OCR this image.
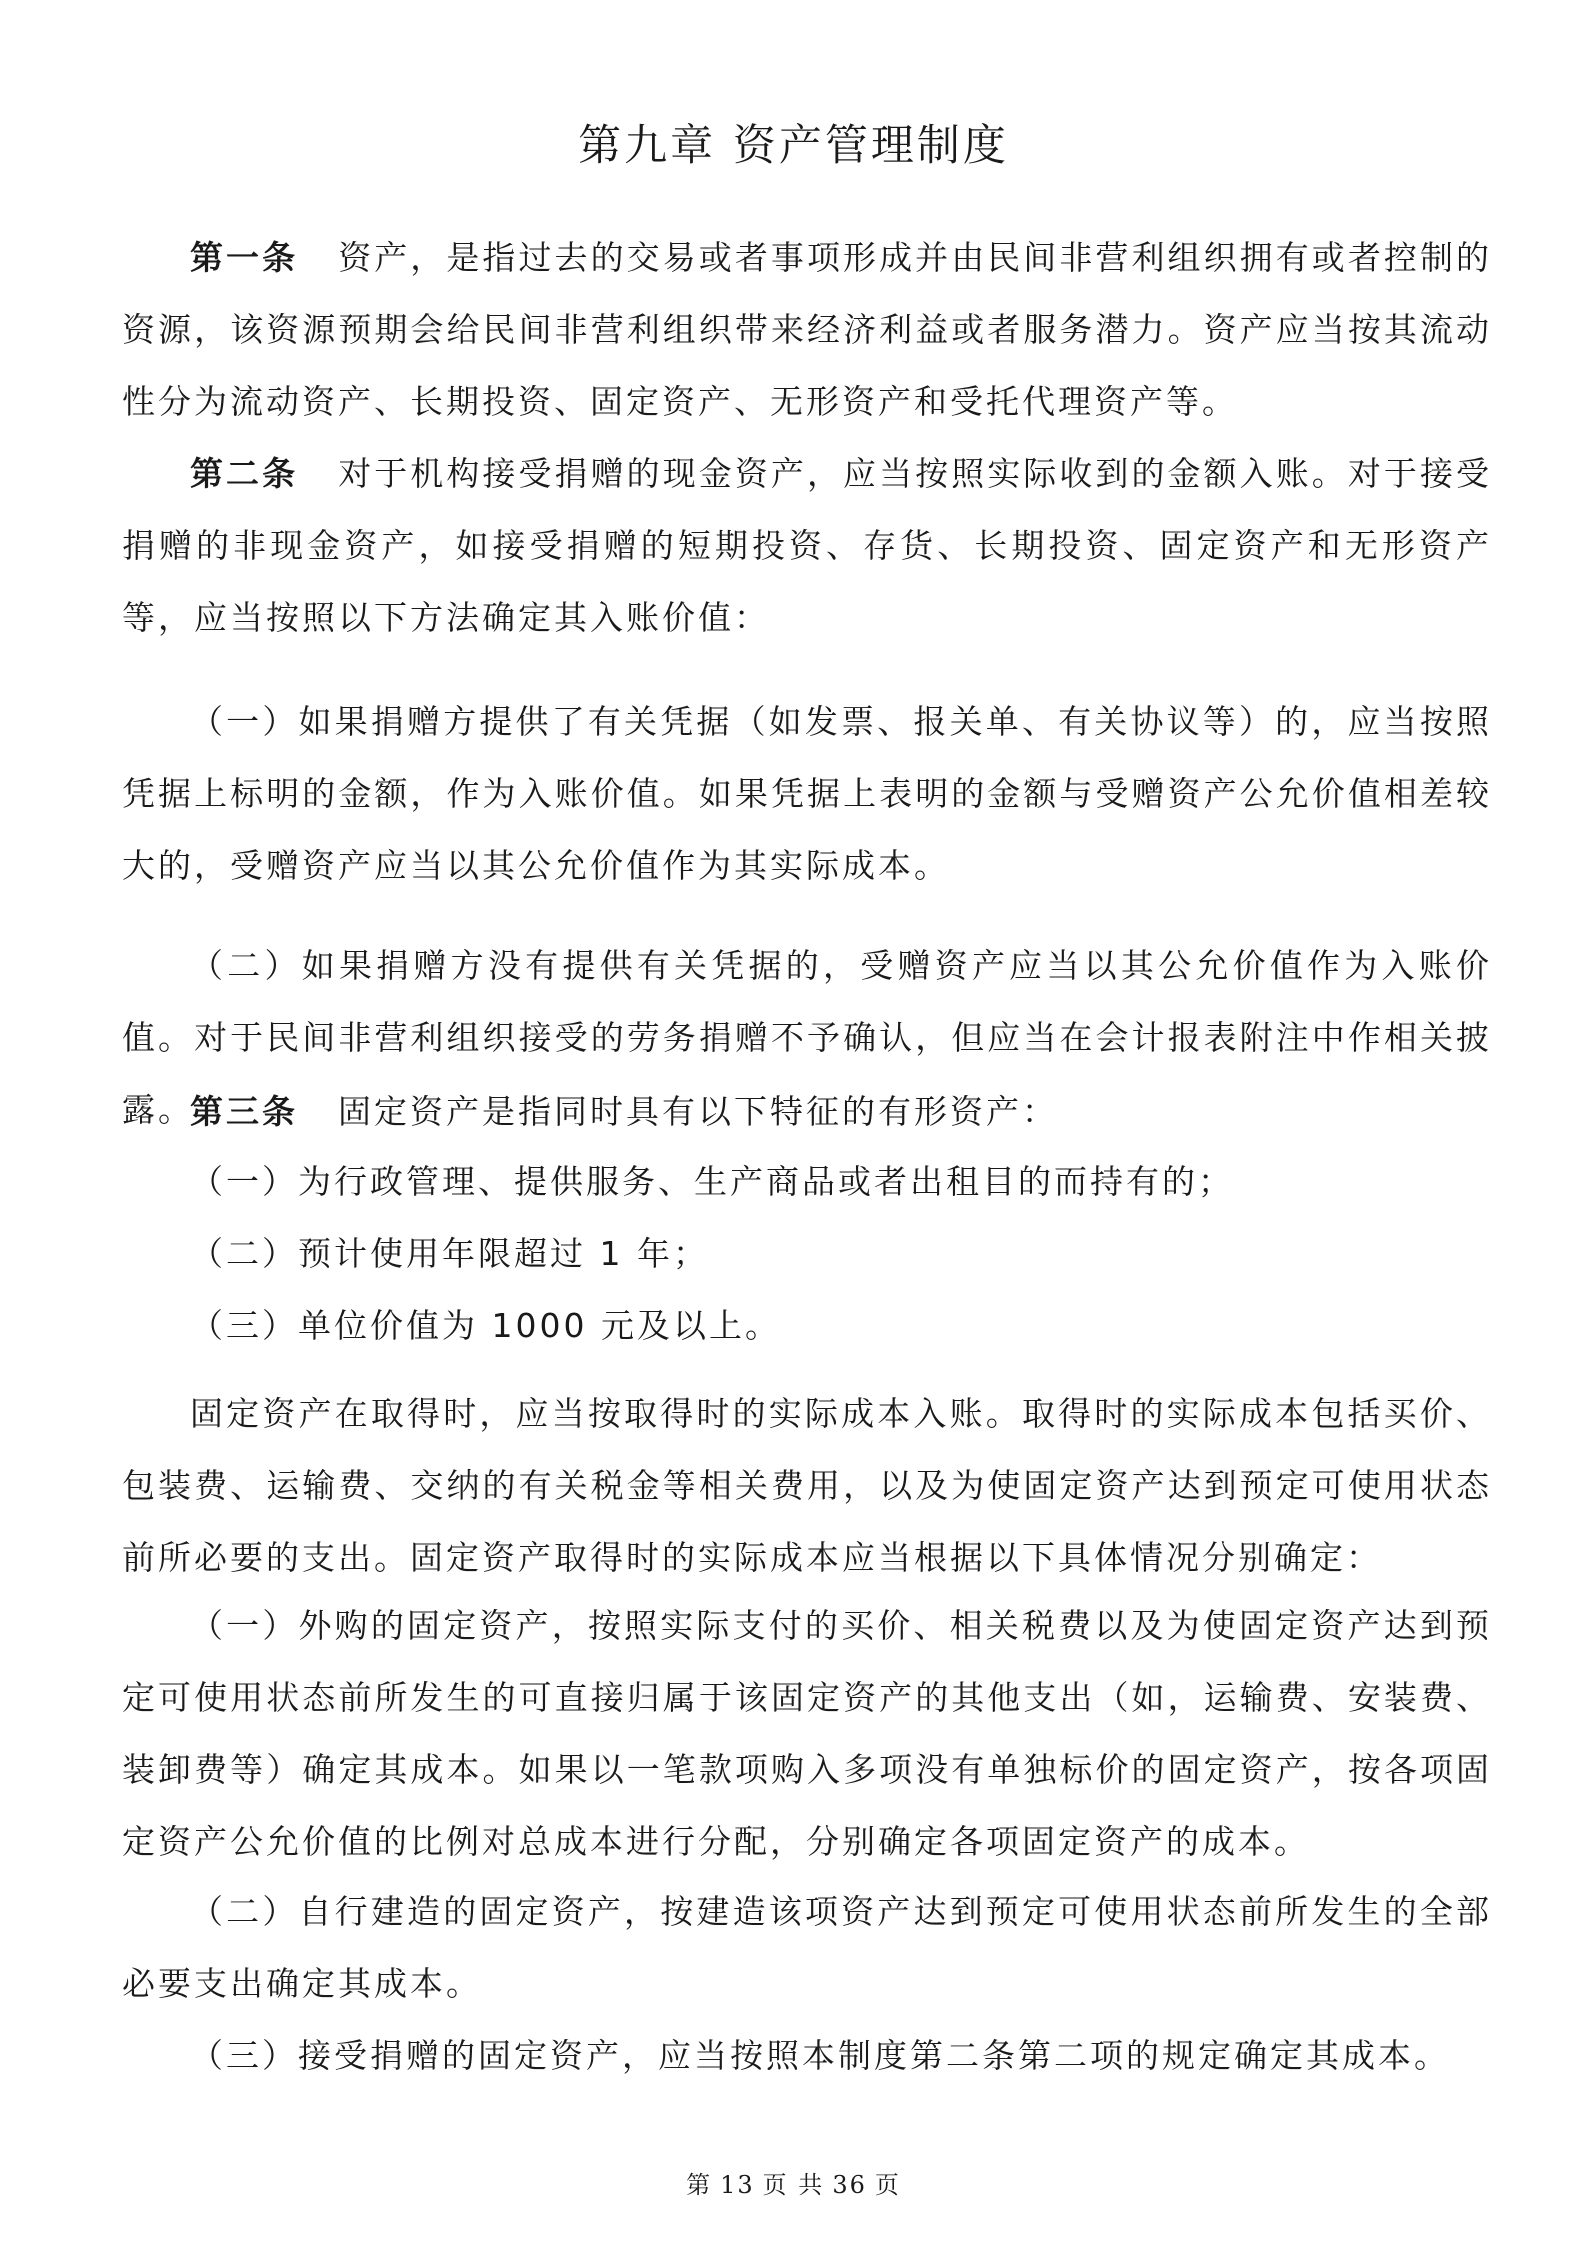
第九章 资产管理制度

第一条 资产，是指过去的交易或者事项形成并由民间非营利组织拥有或者控制的资源，该资源预期会给民间非营利组织带来经济利益或者服务潜力。资产应当按其流动性分为流动资产、长期投资、固定资产、无形资产和受托代理资产等。

第二条 对于机构接受捐赠的现金资产，应当按照实际收到的金额入账。对于接受捐赠的非现金资产，如接受捐赠的短期投资、存货、长期投资、固定资产和无形资产等，应当按照以下方法确定其入账价值：

（一）如果捐赠方提供了有关凭据（如发票、报关单、有关协议等）的，应当按照凭据上标明的金额，作为入账价值。如果凭据上表明的金额与受赠资产公允价值相差较大的，受赠资产应当以其公允价值作为其实际成本。

（二）如果捐赠方没有提供有关凭据的，受赠资产应当以其公允价值作为入账价值。对于民间非营利组织接受的劳务捐赠不予确认，但应当在会计报表附注中作相关披露。

第三条 固定资产是指同时具有以下特征的有形资产：

（一）为行政管理、提供服务、生产商品或者出租目的而持有的；

（二）预计使用年限超过 1 年；

（三）单位价值为 1000 元及以上。

固定资产在取得时，应当按取得时的实际成本入账。取得时的实际成本包括买价、包装费、运输费、交纳的有关税金等相关费用，以及为使固定资产达到预定可使用状态前所必要的支出。固定资产取得时的实际成本应当根据以下具体情况分别确定：

（一）外购的固定资产，按照实际支付的买价、相关税费以及为使固定资产达到预定可使用状态前所发生的可直接归属于该固定资产的其他支出（如，运输费、安装费、装卸费等）确定其成本。如果以一笔款项购入多项没有单独标价的固定资产，按各项固定资产公允价值的比例对总成本进行分配，分别确定各项固定资产的成本。

（二）自行建造的固定资产，按建造该项资产达到预定可使用状态前所发生的全部必要支出确定其成本。

（三）接受捐赠的固定资产，应当按照本制度第二条第二项的规定确定其成本。

第 13 页 共 36 页
